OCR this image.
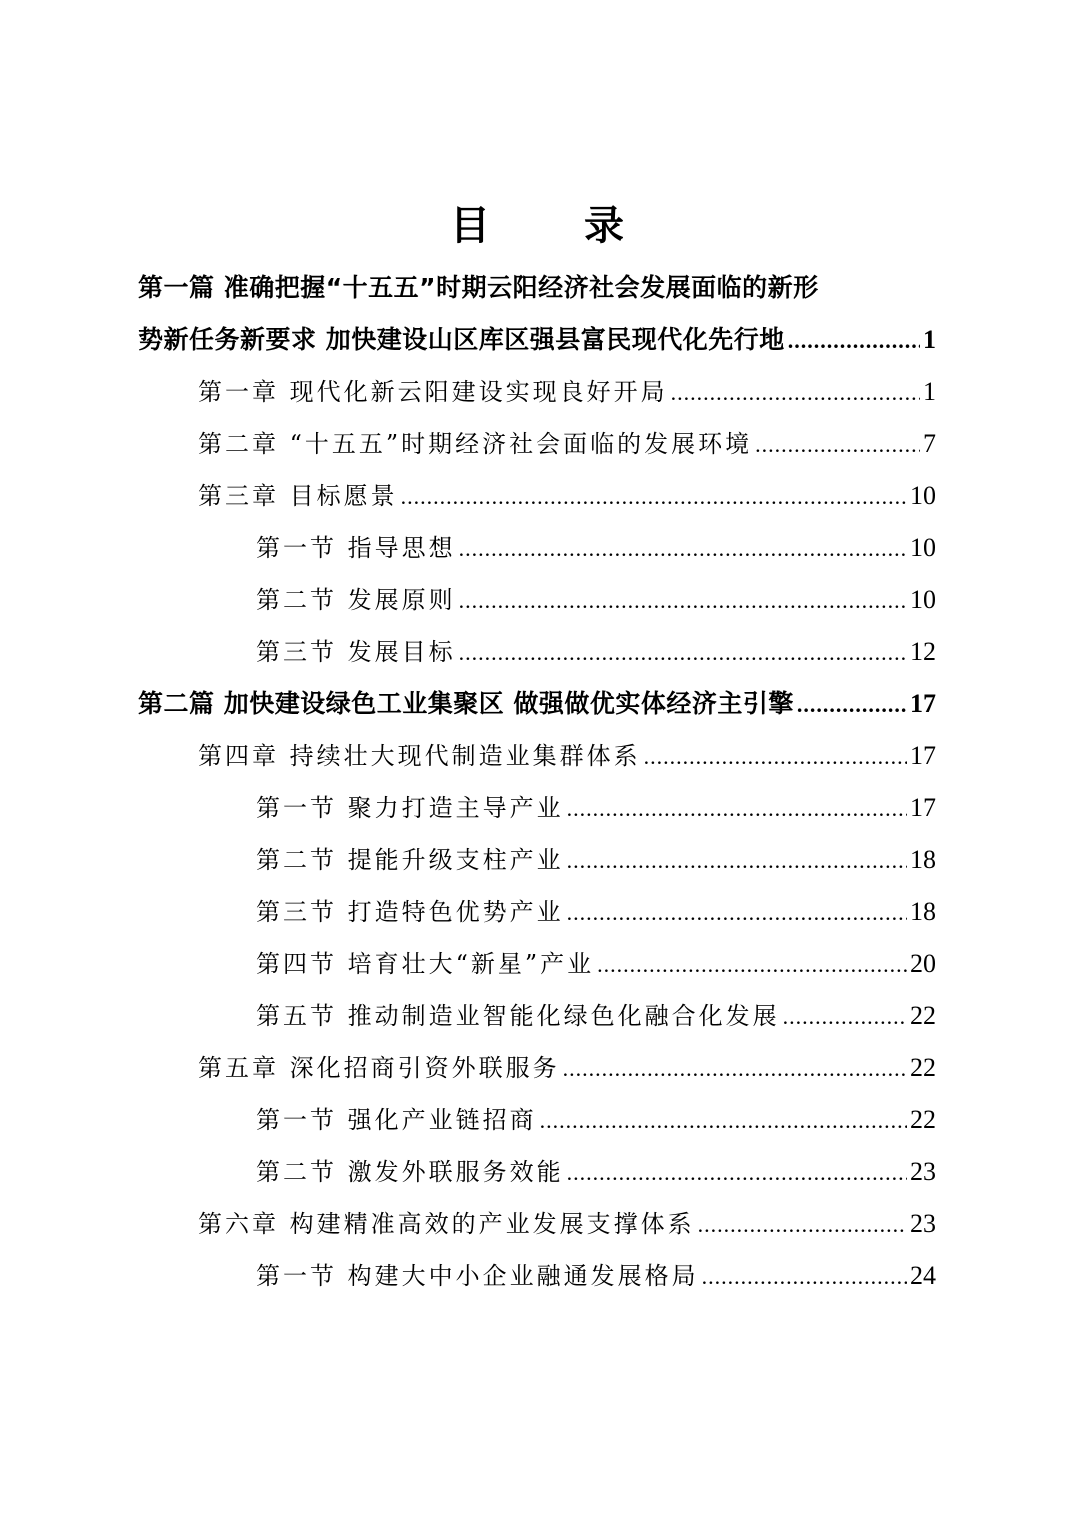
目 录
第一篇 准确把握“十五五”时期云阳经济社会发展面临的新形
势新任务新要求 加快建设山区库区强县富民现代化先行地 .....	1
第一章 现代化新云阳建设实现良好开局 .....	1
第二章 “十五五”时期经济社会面临的发展环境 .....	7
第三章 目标愿景 .....	10
第一节 指导思想 .....	10
第二节 发展原则 .....	10
第三节 发展目标 .....	12
第二篇 加快建设绿色工业集聚区 做强做优实体经济主引擎 .....	17
第四章 持续壮大现代制造业集群体系 .....	17
第一节 聚力打造主导产业 .....	17
第二节 提能升级支柱产业 .....	18
第三节 打造特色优势产业 .....	18
第四节 培育壮大“新星”产业 .....	20
第五节 推动制造业智能化绿色化融合化发展 .....	22
第五章 深化招商引资外联服务 .....	22
第一节 强化产业链招商 .....	22
第二节 激发外联服务效能 .....	23
第六章 构建精准高效的产业发展支撑体系 .....	23
第一节 构建大中小企业融通发展格局 .....	24
